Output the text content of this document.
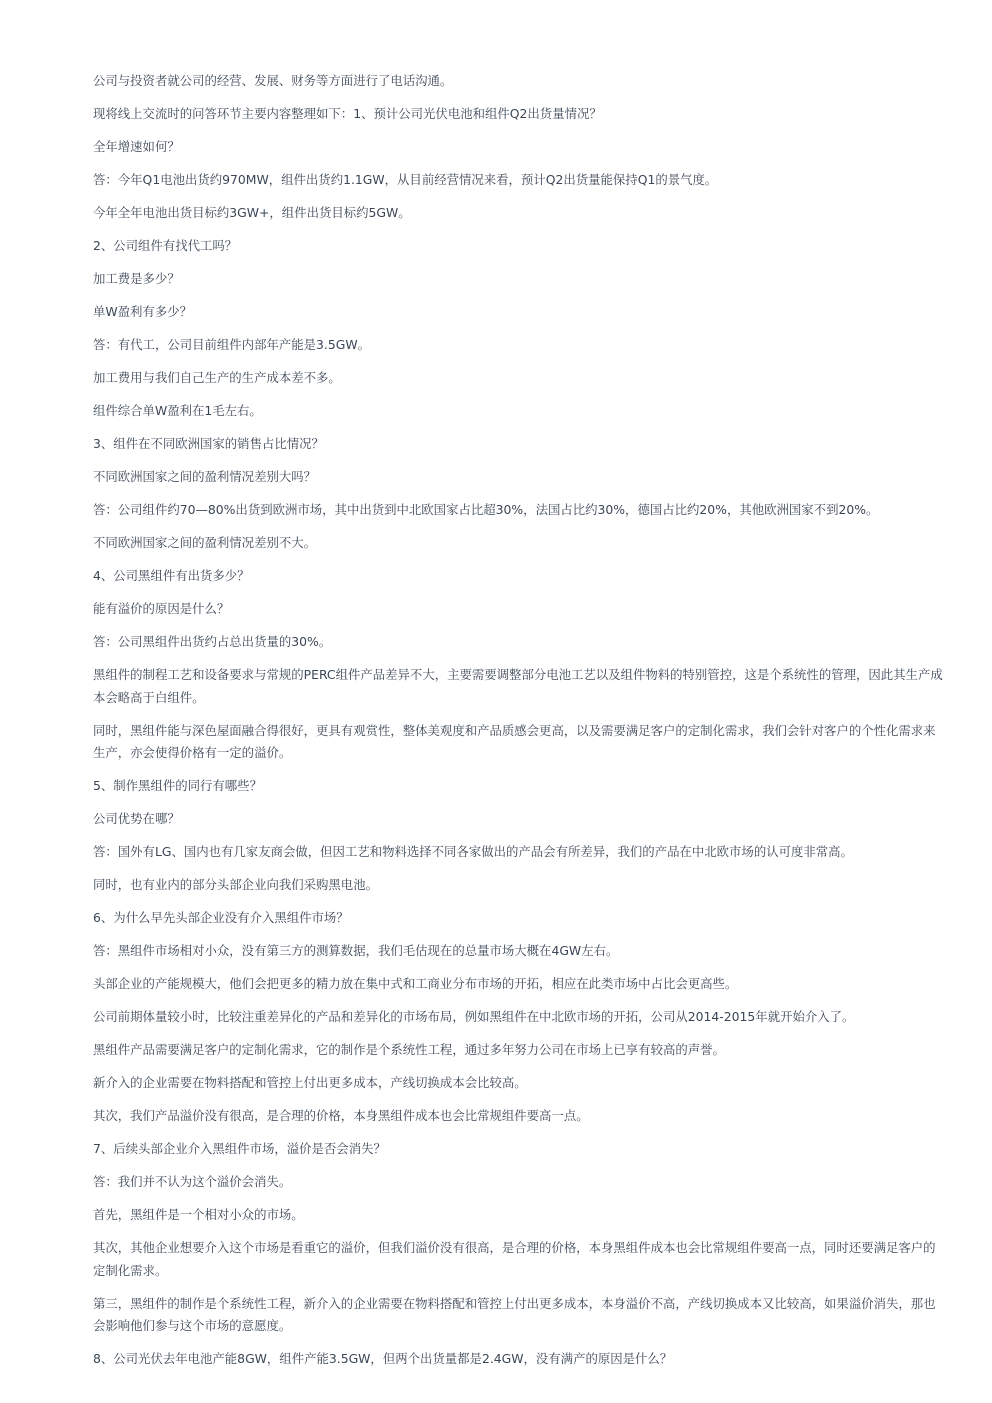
公司与投资者就公司的经营、发展、财务等方面进行了电话沟通。

现将线上交流时的问答环节主要内容整理如下：1、预计公司光伏电池和组件Q2出货量情况？

全年增速如何？

答：今年Q1电池出货约970MW，组件出货约1.1GW，从目前经营情况来看，预计Q2出货量能保持Q1的景气度。

今年全年电池出货目标约3GW+，组件出货目标约5GW。

2、公司组件有找代工吗？

加工费是多少？

单W盈利有多少？

答：有代工，公司目前组件内部年产能是3.5GW。

加工费用与我们自己生产的生产成本差不多。

组件综合单W盈利在1毛左右。

3、组件在不同欧洲国家的销售占比情况？

不同欧洲国家之间的盈利情况差别大吗？

答：公司组件约70—80%出货到欧洲市场，其中出货到中北欧国家占比超30%，法国占比约30%，德国占比约20%，其他欧洲国家不到20%。

不同欧洲国家之间的盈利情况差别不大。

4、公司黑组件有出货多少？

能有溢价的原因是什么？

答：公司黑组件出货约占总出货量的30%。

黑组件的制程工艺和设备要求与常规的PERC组件产品差异不大，主要需要调整部分电池工艺以及组件物料的特别管控，这是个系统性的管理，因此其生产成本会略高于白组件。

同时，黑组件能与深色屋面融合得很好，更具有观赏性，整体美观度和产品质感会更高，以及需要满足客户的定制化需求，我们会针对客户的个性化需求来生产，亦会使得价格有一定的溢价。

5、制作黑组件的同行有哪些？

公司优势在哪？

答：国外有LG、国内也有几家友商会做，但因工艺和物料选择不同各家做出的产品会有所差异，我们的产品在中北欧市场的认可度非常高。

同时，也有业内的部分头部企业向我们采购黑电池。

6、为什么早先头部企业没有介入黑组件市场？

答：黑组件市场相对小众，没有第三方的测算数据，我们毛估现在的总量市场大概在4GW左右。

头部企业的产能规模大，他们会把更多的精力放在集中式和工商业分布市场的开拓，相应在此类市场中占比会更高些。

公司前期体量较小时，比较注重差异化的产品和差异化的市场布局，例如黑组件在中北欧市场的开拓，公司从2014-2015年就开始介入了。

黑组件产品需要满足客户的定制化需求，它的制作是个系统性工程，通过多年努力公司在市场上已享有较高的声誉。

新介入的企业需要在物料搭配和管控上付出更多成本，产线切换成本会比较高。

其次，我们产品溢价没有很高，是合理的价格，本身黑组件成本也会比常规组件要高一点。

7、后续头部企业介入黑组件市场，溢价是否会消失？

答：我们并不认为这个溢价会消失。

首先，黑组件是一个相对小众的市场。

其次，其他企业想要介入这个市场是看重它的溢价，但我们溢价没有很高，是合理的价格，本身黑组件成本也会比常规组件要高一点，同时还要满足客户的定制化需求。

第三，黑组件的制作是个系统性工程，新介入的企业需要在物料搭配和管控上付出更多成本，本身溢价不高，产线切换成本又比较高，如果溢价消失，那也会影响他们参与这个市场的意愿度。

8、公司光伏去年电池产能8GW，组件产能3.5GW，但两个出货量都是2.4GW，没有满产的原因是什么？
